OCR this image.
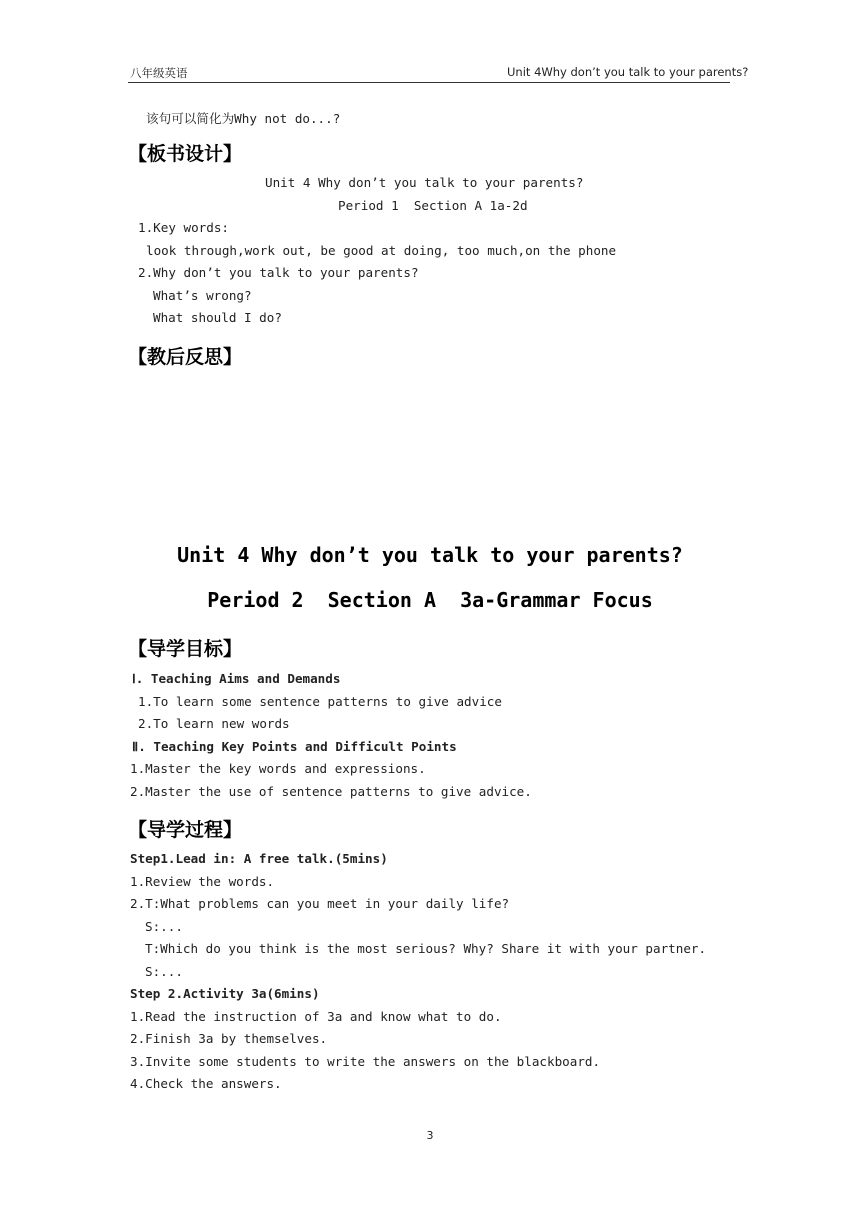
八年级英语	Unit 4Why don’t you talk to your parents?
该句可以简化为Why not do...?
【板书设计】
Unit 4 Why don’t you talk to your parents?
Period 1  Section A 1a-2d
1.Key words:
look through,work out, be good at doing, too much,on the phone
2.Why don’t you talk to your parents?
What’s wrong?
What should I do?
【教后反思】
Unit 4 Why don’t you talk to your parents?
Period 2  Section A  3a-Grammar Focus
【导学目标】
Ⅰ. Teaching Aims and Demands
1.To learn some sentence patterns to give advice
2.To learn new words
Ⅱ. Teaching Key Points and Difficult Points
1.Master the key words and expressions.
2.Master the use of sentence patterns to give advice.
【导学过程】
Step1.Lead in: A free talk.(5mins)
1.Review the words.
2.T:What problems can you meet in your daily life?
S:...
T:Which do you think is the most serious? Why? Share it with your partner.
S:...
Step 2.Activity 3a(6mins)
1.Read the instruction of 3a and know what to do.
2.Finish 3a by themselves.
3.Invite some students to write the answers on the blackboard.
4.Check the answers.
3
